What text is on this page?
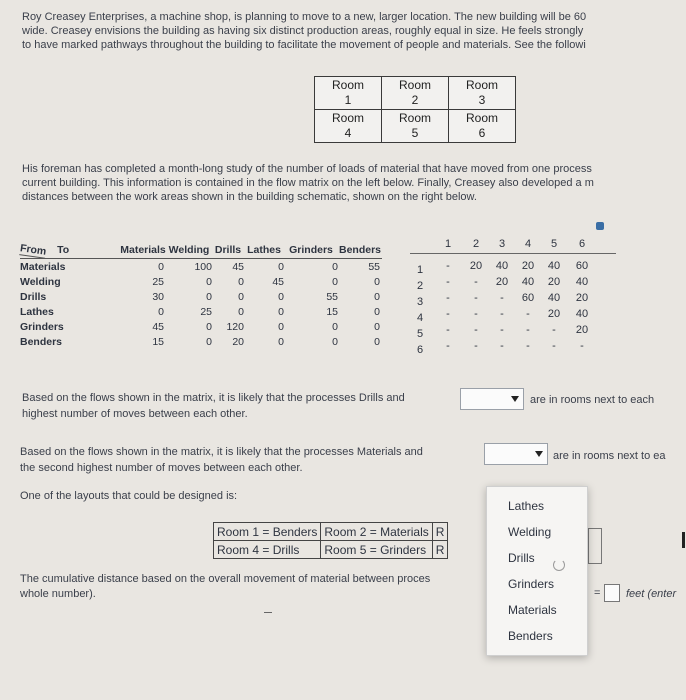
Roy Creasey Enterprises, a machine shop, is planning to move to a new, larger location. The new building will be 60
wide. Creasey envisions the building as having six distinct production areas, roughly equal in size. He feels strongly
to have marked pathways throughout the building to facilitate the movement of people and materials. See the followi
Room
1	Room
2	Room
3

Room
4	Room
5	Room
6
His foreman has completed a month-long study of the number of loads of material that have moved from one process
current building. This information is contained in the flow matrix on the left below. Finally, Creasey also developed a m
distances between the work areas shown in the building schematic, shown on the right below.
From To	Materials	Welding	Drills	Lathes	Grinders	Benders
Materials	0	100	45	0	0	55
Welding	25	0	0	45	0	0
Drills	30	0	0	0	55	0
Lathes	0	25	0	0	15	0
Grinders	45	0	120	0	0	0
Benders	15	0	20	0	0	0
1	2	3	4	5	6
1	-	20	40	20	40	60
2	-	-	20	40	20	40
3	-	-	-	60	40	20
4	-	-	-	-	20	40
5	-	-	-	-	-	20
6	-	-	-	-	-	-
Based on the flows shown in the matrix, it is likely that the processes Drills and
highest number of moves between each other.
are in rooms next to each
Based on the flows shown in the matrix, it is likely that the processes Materials and
the second highest number of moves between each other.
are in rooms next to ea
One of the layouts that could be designed is:
Room 1 = Benders	Room 2 = Materials	R
Room 4 = Drills	Room 5 = Grinders	R
The cumulative distance based on the overall movement of material between proces
whole number).	= feet (enter
Lathes
Welding
Drills
Grinders
Materials
Benders
